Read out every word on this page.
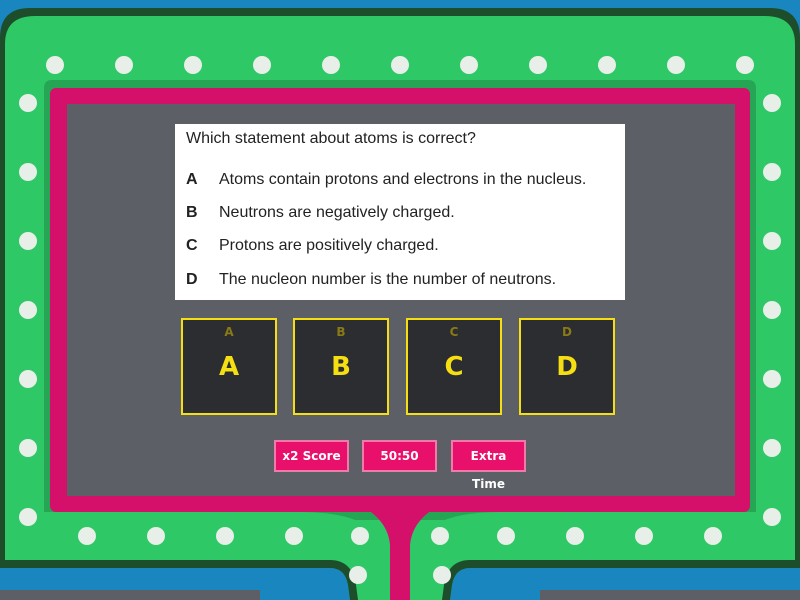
Which statement about atoms is correct?
A Atoms contain protons and electrons in the nucleus.
B Neutrons are negatively charged.
C Protons are positively charged.
D The nucleon number is the number of neutrons.
A
A
B
B
C
C
D
D
x2 Score	50:50	Extra Time
